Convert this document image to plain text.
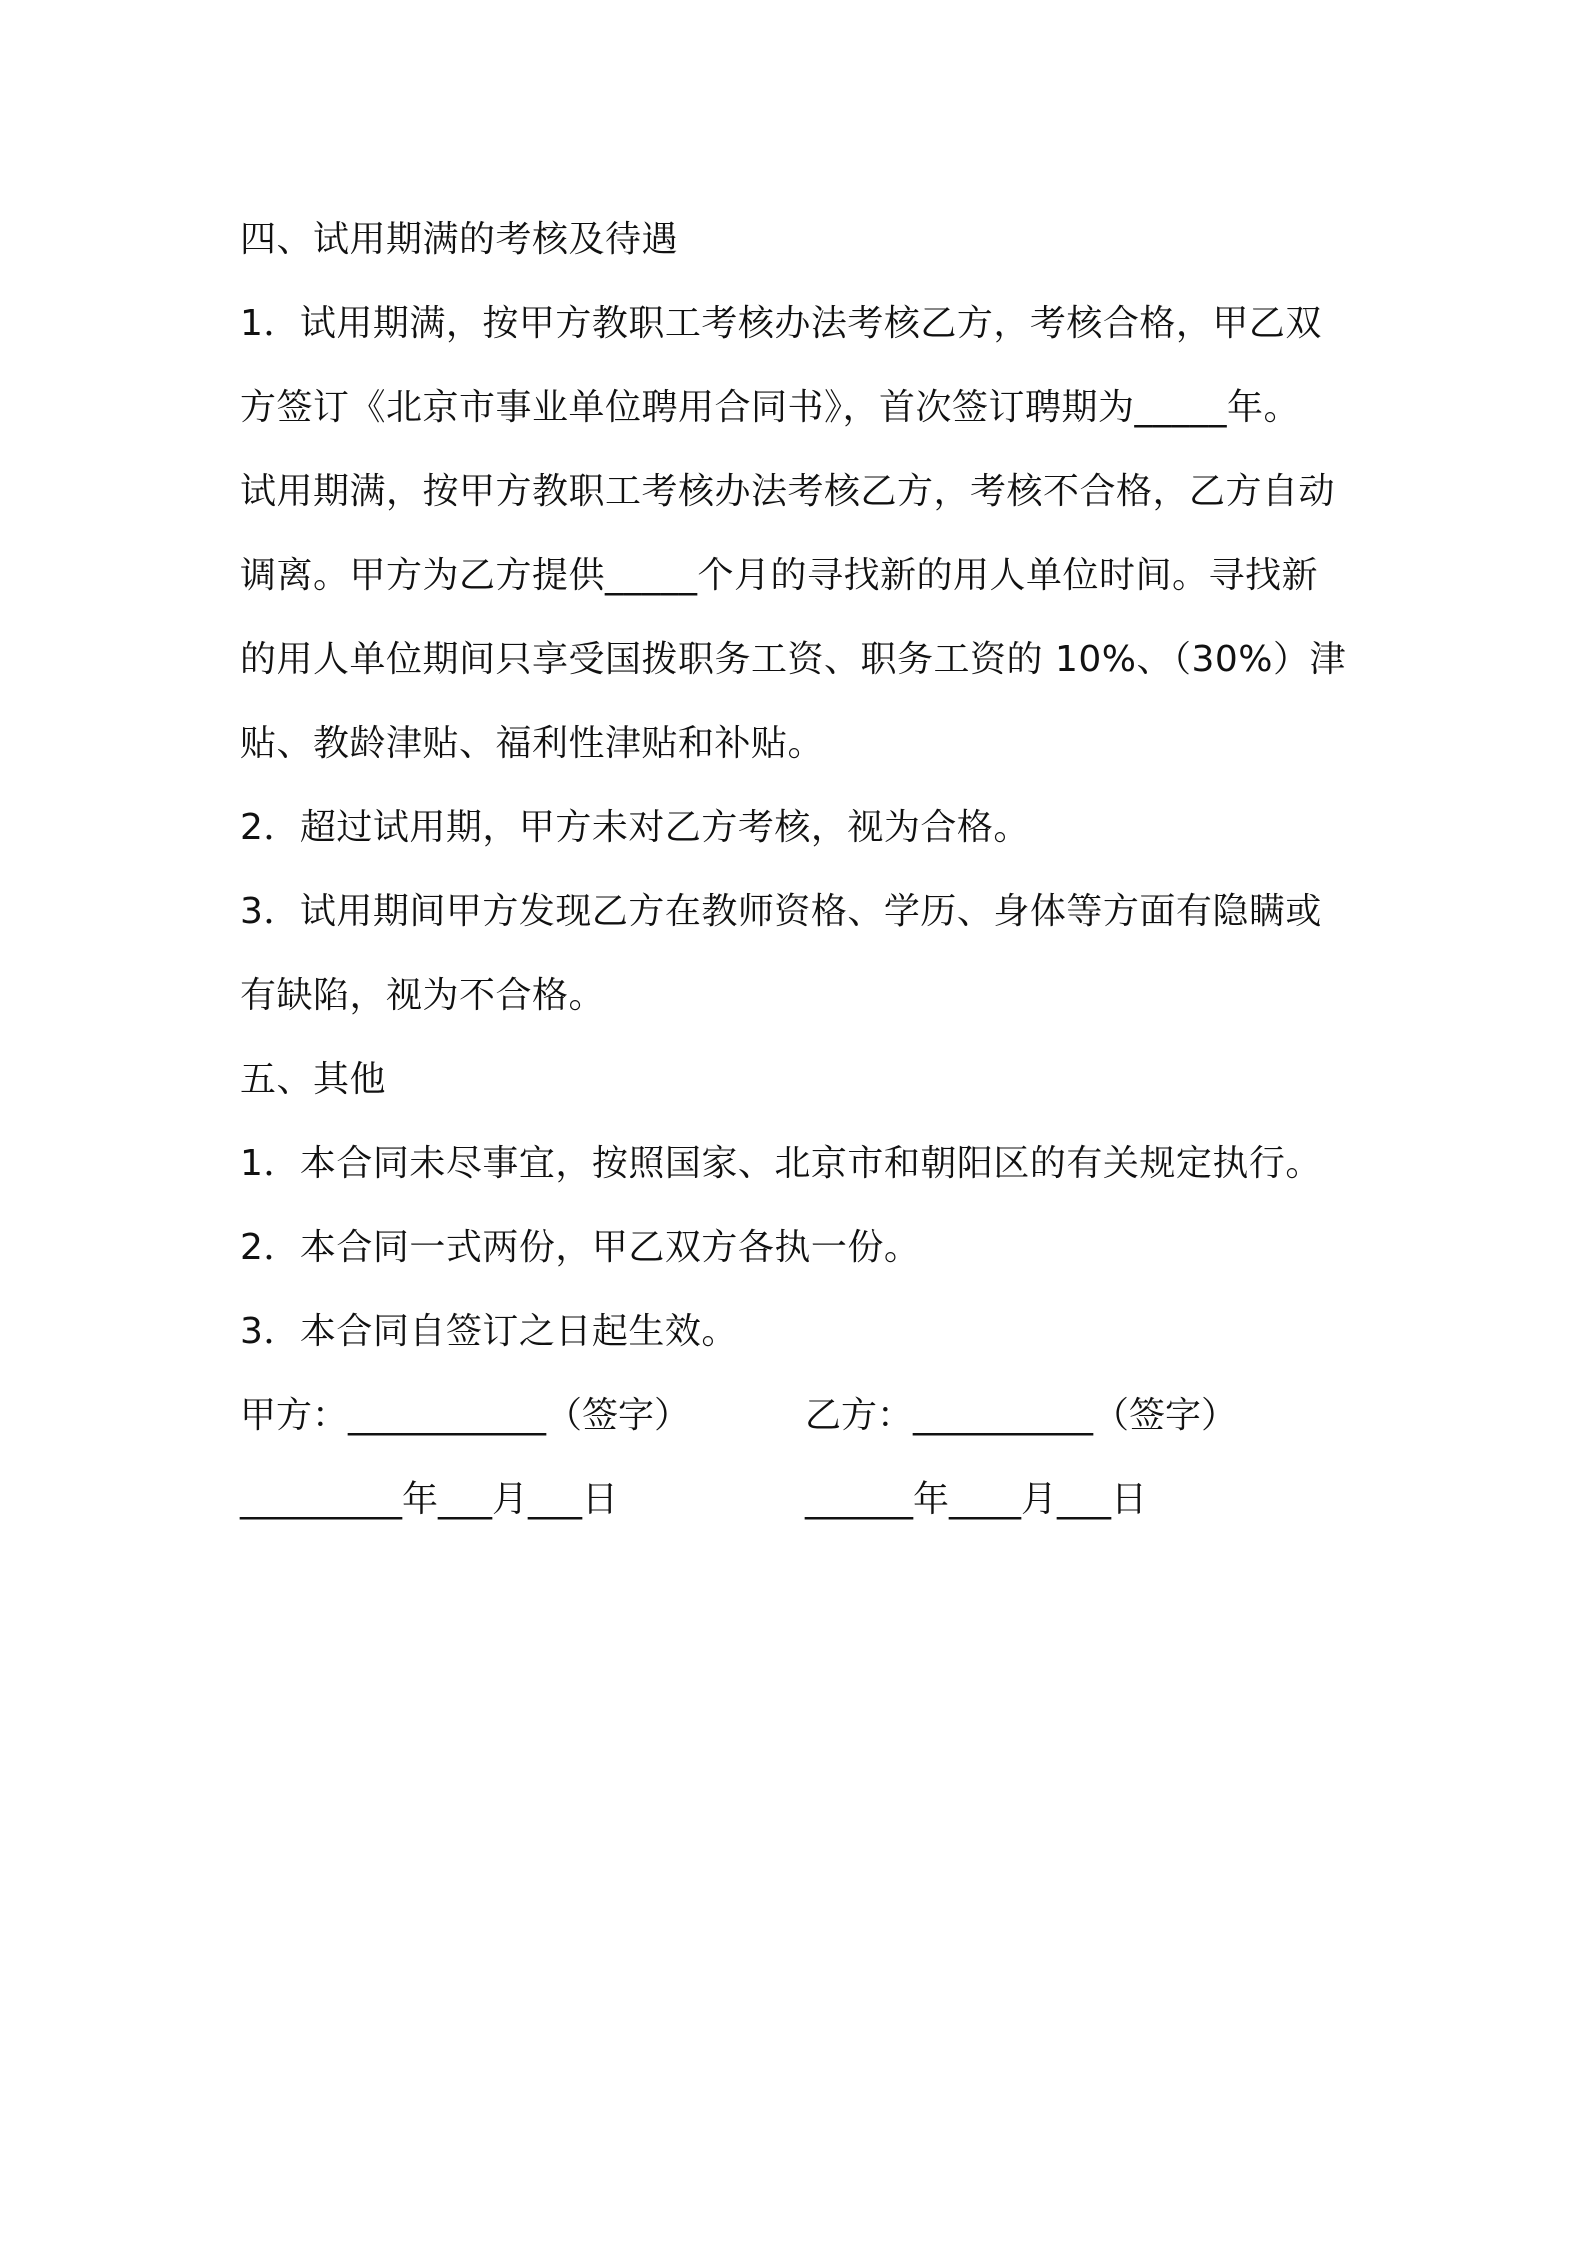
四、试用期满的考核及待遇
1．试用期满，按甲方教职工考核办法考核乙方，考核合格，甲乙双
方签订《北京市事业单位聘用合同书》，首次签订聘期为_____年。
试用期满，按甲方教职工考核办法考核乙方，考核不合格，乙方自动
调离。甲方为乙方提供_____个月的寻找新的用人单位时间。寻找新
的用人单位期间只享受国拨职务工资、职务工资的 10%、（30%）津
贴、教龄津贴、福利性津贴和补贴。
2．超过试用期，甲方未对乙方考核，视为合格。
3．试用期间甲方发现乙方在教师资格、学历、身体等方面有隐瞒或
有缺陷，视为不合格。
五、其他
1．本合同未尽事宜，按照国家、北京市和朝阳区的有关规定执行。
2．本合同一式两份，甲乙双方各执一份。
3．本合同自签订之日起生效。
甲方：___________（签字）	乙方：__________（签字）
_________年___月___日	______年____月___日
